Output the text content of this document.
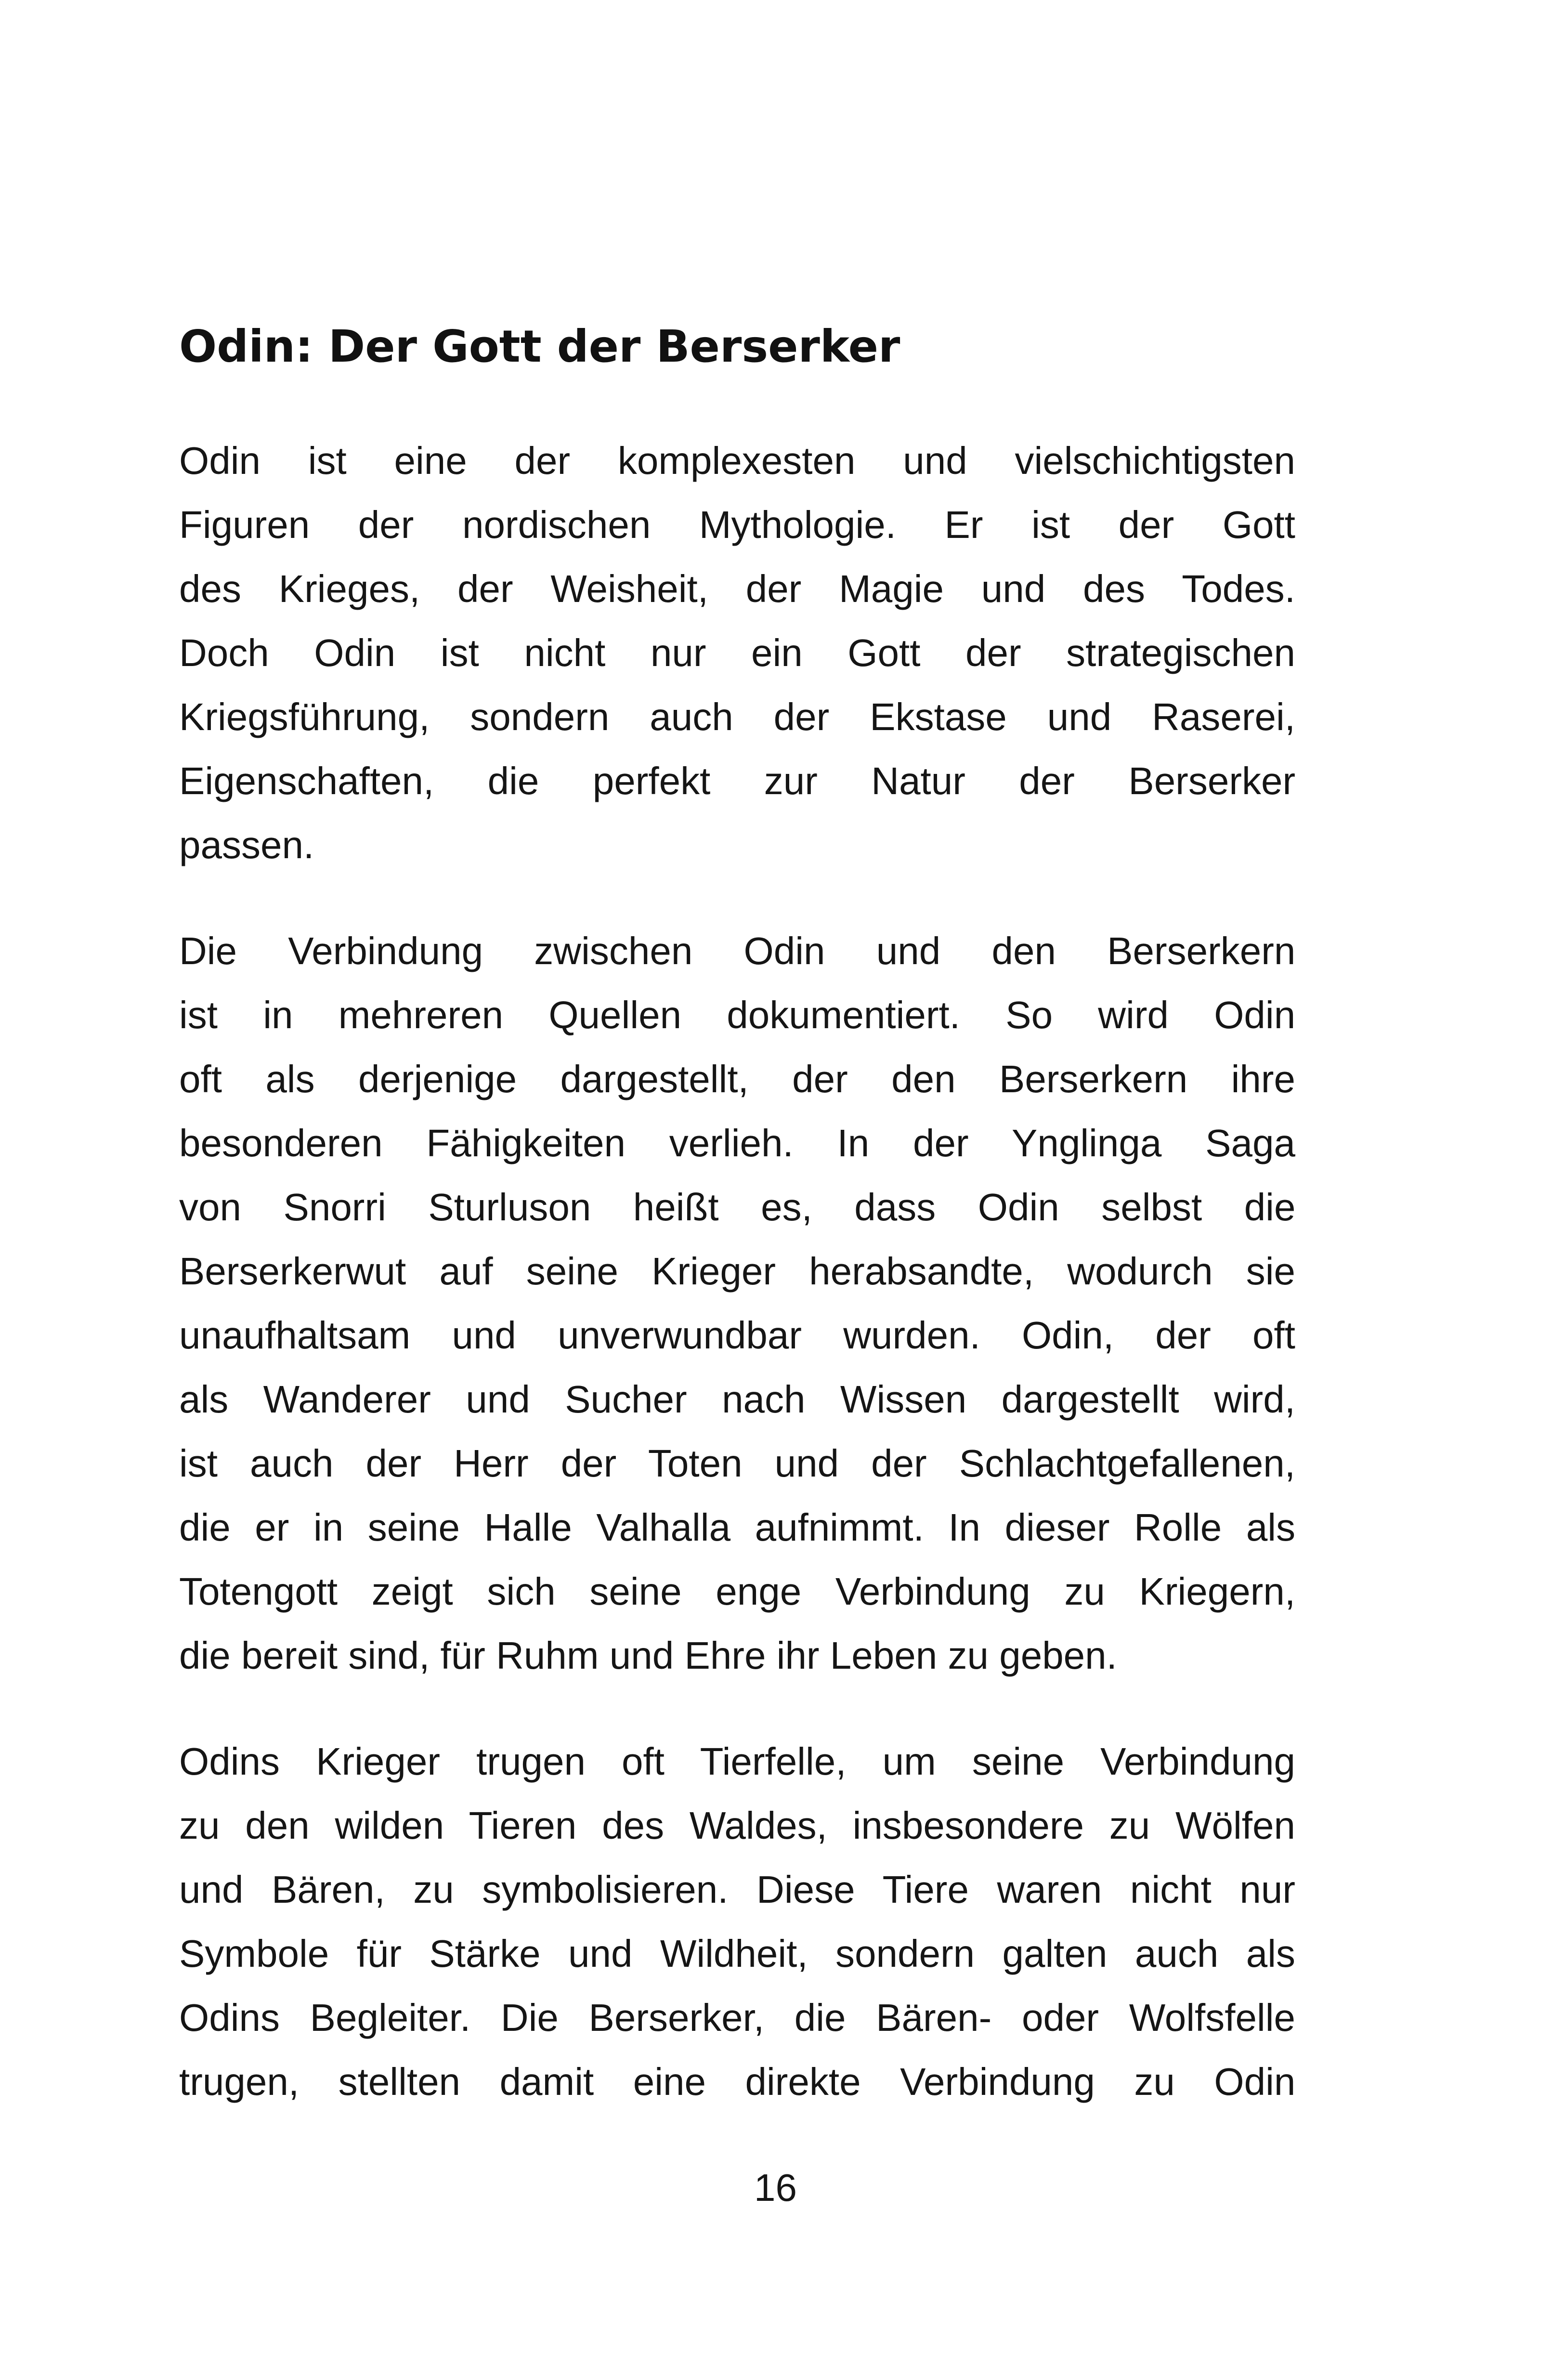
Odin: Der Gott der Berserker

Odin ist eine der komplexesten und vielschichtigsten
Figuren der nordischen Mythologie. Er ist der Gott
des Krieges, der Weisheit, der Magie und des Todes.
Doch Odin ist nicht nur ein Gott der strategischen
Kriegsführung, sondern auch der Ekstase und Raserei,
Eigenschaften, die perfekt zur Natur der Berserker
passen.

Die Verbindung zwischen Odin und den Berserkern
ist in mehreren Quellen dokumentiert. So wird Odin
oft als derjenige dargestellt, der den Berserkern ihre
besonderen Fähigkeiten verlieh. In der Ynglinga Saga
von Snorri Sturluson heißt es, dass Odin selbst die
Berserkerwut auf seine Krieger herabsandte, wodurch sie
unaufhaltsam und unverwundbar wurden. Odin, der oft
als Wanderer und Sucher nach Wissen dargestellt wird,
ist auch der Herr der Toten und der Schlachtgefallenen,
die er in seine Halle Valhalla aufnimmt. In dieser Rolle als
Totengott zeigt sich seine enge Verbindung zu Kriegern,
die bereit sind, für Ruhm und Ehre ihr Leben zu geben.

Odins Krieger trugen oft Tierfelle, um seine Verbindung
zu den wilden Tieren des Waldes, insbesondere zu Wölfen
und Bären, zu symbolisieren. Diese Tiere waren nicht nur
Symbole für Stärke und Wildheit, sondern galten auch als
Odins Begleiter. Die Berserker, die Bären- oder Wolfsfelle
trugen, stellten damit eine direkte Verbindung zu Odin

16
